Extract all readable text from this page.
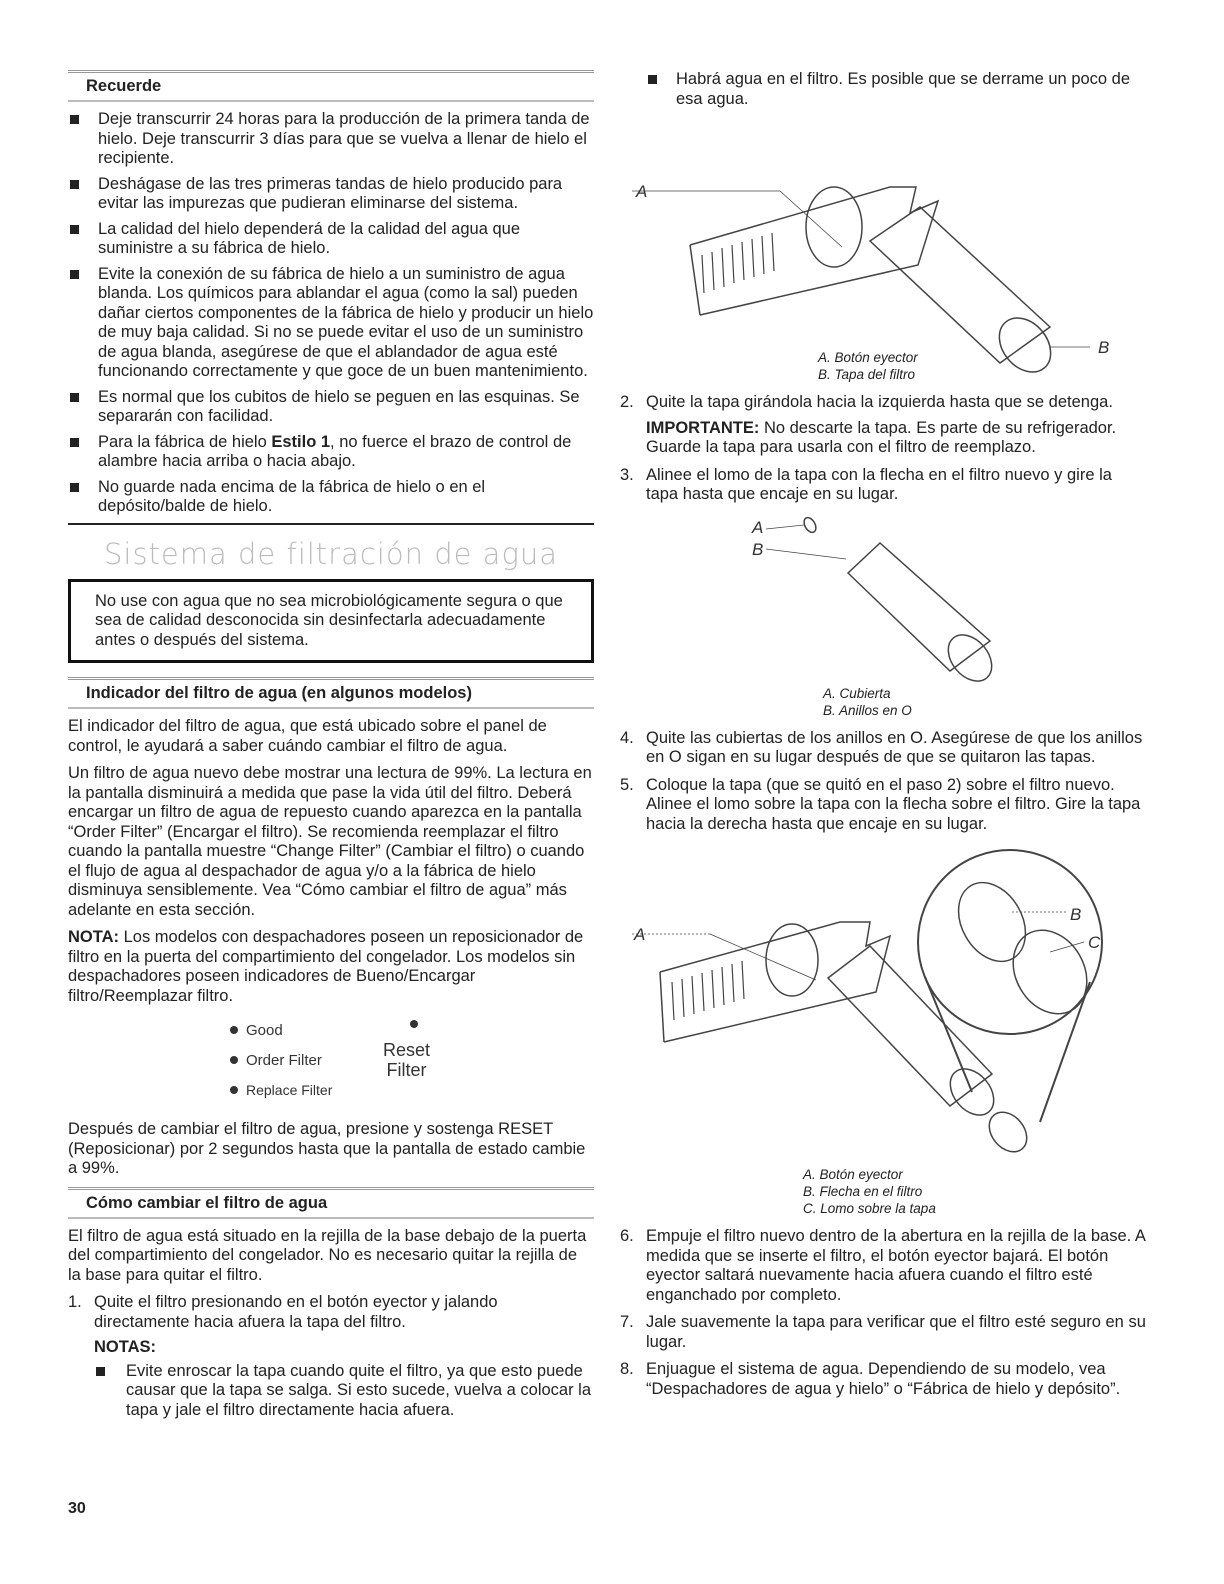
Recuerde
Deje transcurrir 24 horas para la producción de la primera tanda de hielo. Deje transcurrir 3 días para que se vuelva a llenar de hielo el recipiente.
Deshágase de las tres primeras tandas de hielo producido para evitar las impurezas que pudieran eliminarse del sistema.
La calidad del hielo dependerá de la calidad del agua que suministre a su fábrica de hielo.
Evite la conexión de su fábrica de hielo a un suministro de agua blanda. Los químicos para ablandar el agua (como la sal) pueden dañar ciertos componentes de la fábrica de hielo y producir un hielo de muy baja calidad. Si no se puede evitar el uso de un suministro de agua blanda, asegúrese de que el ablandador de agua esté funcionando correctamente y que goce de un buen mantenimiento.
Es normal que los cubitos de hielo se peguen en las esquinas. Se separarán con facilidad.
Para la fábrica de hielo Estilo 1, no fuerce el brazo de control de alambre hacia arriba o hacia abajo.
No guarde nada encima de la fábrica de hielo o en el depósito/balde de hielo.
Sistema de filtración de agua
No use con agua que no sea microbiológicamente segura o que sea de calidad desconocida sin desinfectarla adecuadamente antes o después del sistema.
Indicador del filtro de agua (en algunos modelos)

El indicador del filtro de agua, que está ubicado sobre el panel de control, le ayudará a saber cuándo cambiar el filtro de agua.

Un filtro de agua nuevo debe mostrar una lectura de 99%. La lectura en la pantalla disminuirá a medida que pase la vida útil del filtro. Deberá encargar un filtro de agua de repuesto cuando aparezca en la pantalla “Order Filter” (Encargar el filtro). Se recomienda reemplazar el filtro cuando la pantalla muestre “Change Filter” (Cambiar el filtro) o cuando el flujo de agua al despachador de agua y/o a la fábrica de hielo disminuya sensiblemente. Vea “Cómo cambiar el filtro de agua” más adelante en esta sección.

NOTA: Los modelos con despachadores poseen un reposicionador de filtro en la puerta del compartimiento del congelador. Los modelos sin despachadores poseen indicadores de Bueno/Encargar filtro/Reemplazar filtro.

Good
Order Filter
Replace Filter
Reset
Filter

Después de cambiar el filtro de agua, presione y sostenga RESET (Reposicionar) por 2 segundos hasta que la pantalla de estado cambie a 99%.

Cómo cambiar el filtro de agua

El filtro de agua está situado en la rejilla de la base debajo de la puerta del compartimiento del congelador. No es necesario quitar la rejilla de la base para quitar el filtro.

1. Quite el filtro presionando en el botón eyector y jalando directamente hacia afuera la tapa del filtro.
NOTAS:
Evite enroscar la tapa cuando quite el filtro, ya que esto puede causar que la tapa se salga. Si esto sucede, vuelva a colocar la tapa y jale el filtro directamente hacia afuera.
30
Habrá agua en el filtro. Es posible que se derrame un poco de esa agua.
A
B
A. Botón eyector
B. Tapa del filtro
2. Quite la tapa girándola hacia la izquierda hasta que se detenga.
IMPORTANTE: No descarte la tapa. Es parte de su refrigerador. Guarde la tapa para usarla con el filtro de reemplazo.
3. Alinee el lomo de la tapa con la flecha en el filtro nuevo y gire la tapa hasta que encaje en su lugar.
A
B
A. Cubierta
B. Anillos en O
4. Quite las cubiertas de los anillos en O. Asegúrese de que los anillos en O sigan en su lugar después de que se quitaron las tapas.
5. Coloque la tapa (que se quitó en el paso 2) sobre el filtro nuevo. Alinee el lomo sobre la tapa con la flecha sobre el filtro. Gire la tapa hacia la derecha hasta que encaje en su lugar.
A
B
C
A. Botón eyector
B. Flecha en el filtro
C. Lomo sobre la tapa
6. Empuje el filtro nuevo dentro de la abertura en la rejilla de la base. A medida que se inserte el filtro, el botón eyector bajará. El botón eyector saltará nuevamente hacia afuera cuando el filtro esté enganchado por completo.
7. Jale suavemente la tapa para verificar que el filtro esté seguro en su lugar.
8. Enjuague el sistema de agua. Dependiendo de su modelo, vea “Despachadores de agua y hielo” o “Fábrica de hielo y depósito”.
